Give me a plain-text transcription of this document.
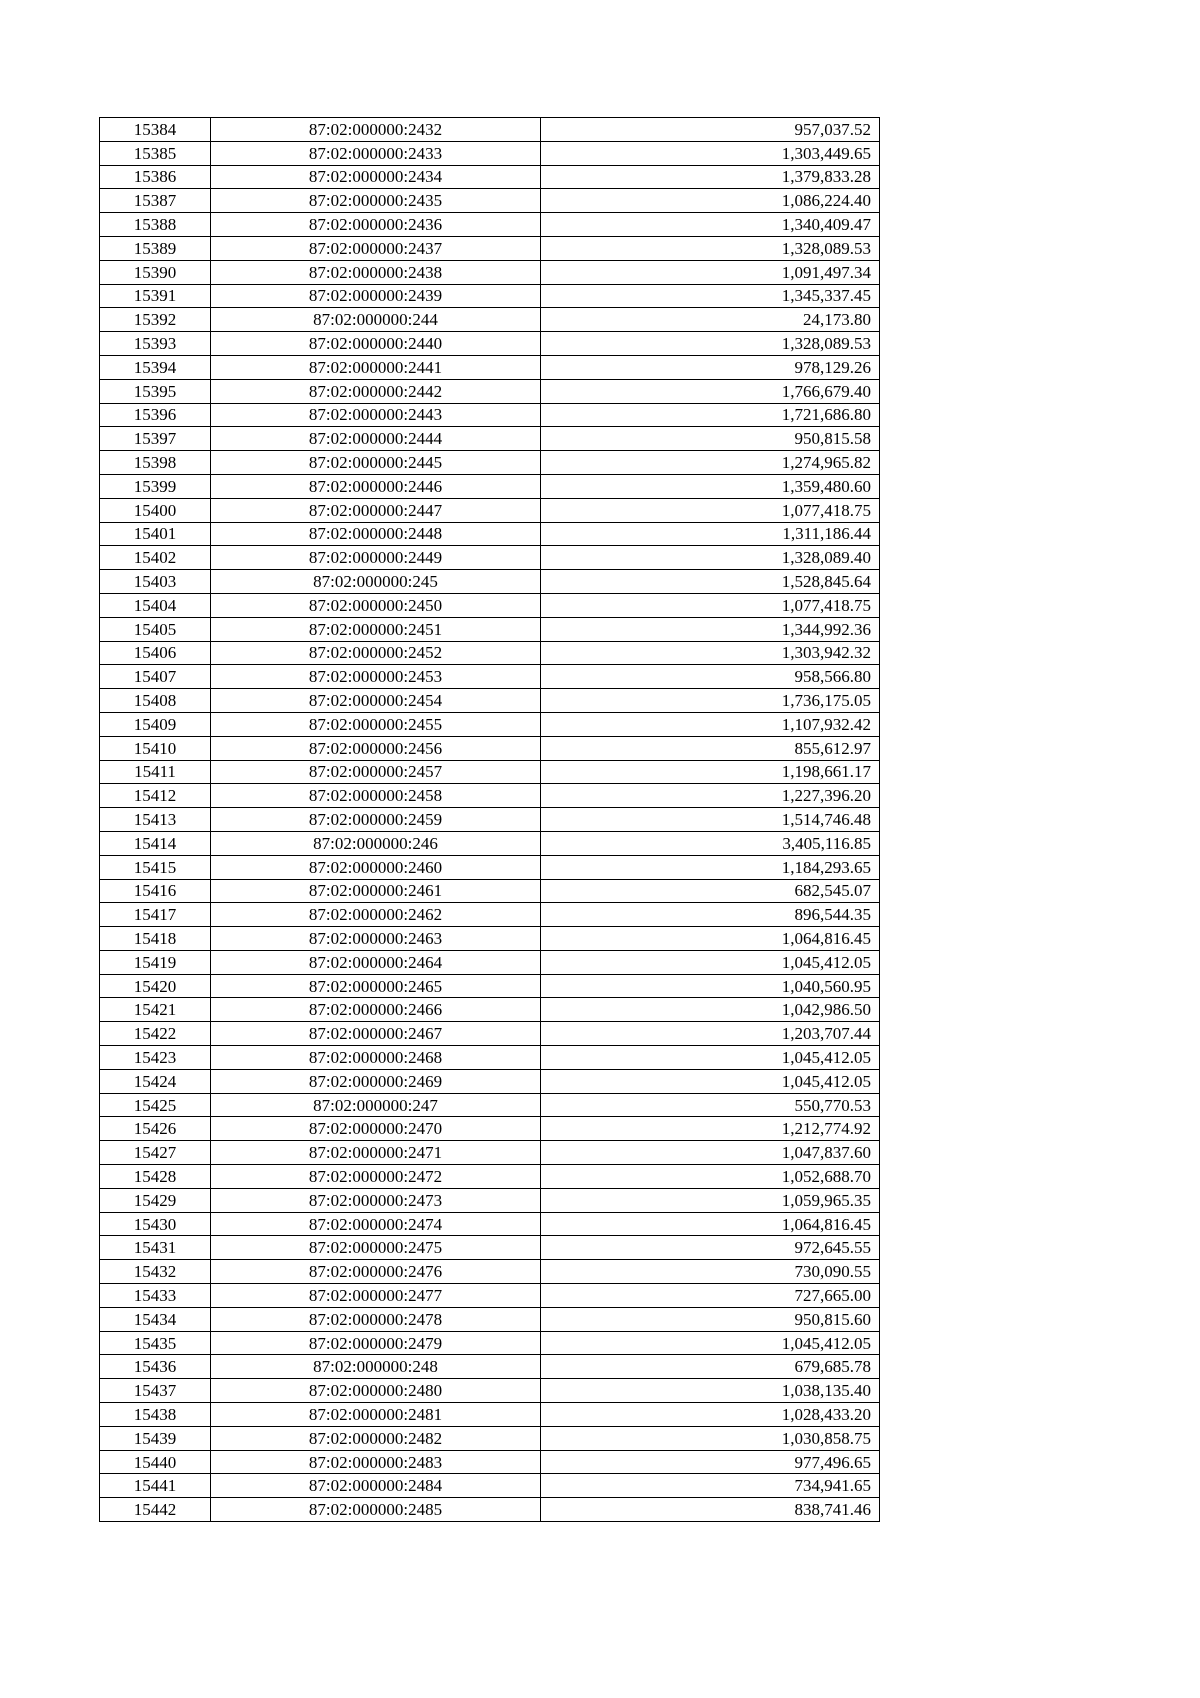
15384	87:02:000000:2432	957,037.52
15385	87:02:000000:2433	1,303,449.65
15386	87:02:000000:2434	1,379,833.28
15387	87:02:000000:2435	1,086,224.40
15388	87:02:000000:2436	1,340,409.47
15389	87:02:000000:2437	1,328,089.53
15390	87:02:000000:2438	1,091,497.34
15391	87:02:000000:2439	1,345,337.45
15392	87:02:000000:244	24,173.80
15393	87:02:000000:2440	1,328,089.53
15394	87:02:000000:2441	978,129.26
15395	87:02:000000:2442	1,766,679.40
15396	87:02:000000:2443	1,721,686.80
15397	87:02:000000:2444	950,815.58
15398	87:02:000000:2445	1,274,965.82
15399	87:02:000000:2446	1,359,480.60
15400	87:02:000000:2447	1,077,418.75
15401	87:02:000000:2448	1,311,186.44
15402	87:02:000000:2449	1,328,089.40
15403	87:02:000000:245	1,528,845.64
15404	87:02:000000:2450	1,077,418.75
15405	87:02:000000:2451	1,344,992.36
15406	87:02:000000:2452	1,303,942.32
15407	87:02:000000:2453	958,566.80
15408	87:02:000000:2454	1,736,175.05
15409	87:02:000000:2455	1,107,932.42
15410	87:02:000000:2456	855,612.97
15411	87:02:000000:2457	1,198,661.17
15412	87:02:000000:2458	1,227,396.20
15413	87:02:000000:2459	1,514,746.48
15414	87:02:000000:246	3,405,116.85
15415	87:02:000000:2460	1,184,293.65
15416	87:02:000000:2461	682,545.07
15417	87:02:000000:2462	896,544.35
15418	87:02:000000:2463	1,064,816.45
15419	87:02:000000:2464	1,045,412.05
15420	87:02:000000:2465	1,040,560.95
15421	87:02:000000:2466	1,042,986.50
15422	87:02:000000:2467	1,203,707.44
15423	87:02:000000:2468	1,045,412.05
15424	87:02:000000:2469	1,045,412.05
15425	87:02:000000:247	550,770.53
15426	87:02:000000:2470	1,212,774.92
15427	87:02:000000:2471	1,047,837.60
15428	87:02:000000:2472	1,052,688.70
15429	87:02:000000:2473	1,059,965.35
15430	87:02:000000:2474	1,064,816.45
15431	87:02:000000:2475	972,645.55
15432	87:02:000000:2476	730,090.55
15433	87:02:000000:2477	727,665.00
15434	87:02:000000:2478	950,815.60
15435	87:02:000000:2479	1,045,412.05
15436	87:02:000000:248	679,685.78
15437	87:02:000000:2480	1,038,135.40
15438	87:02:000000:2481	1,028,433.20
15439	87:02:000000:2482	1,030,858.75
15440	87:02:000000:2483	977,496.65
15441	87:02:000000:2484	734,941.65
15442	87:02:000000:2485	838,741.46
